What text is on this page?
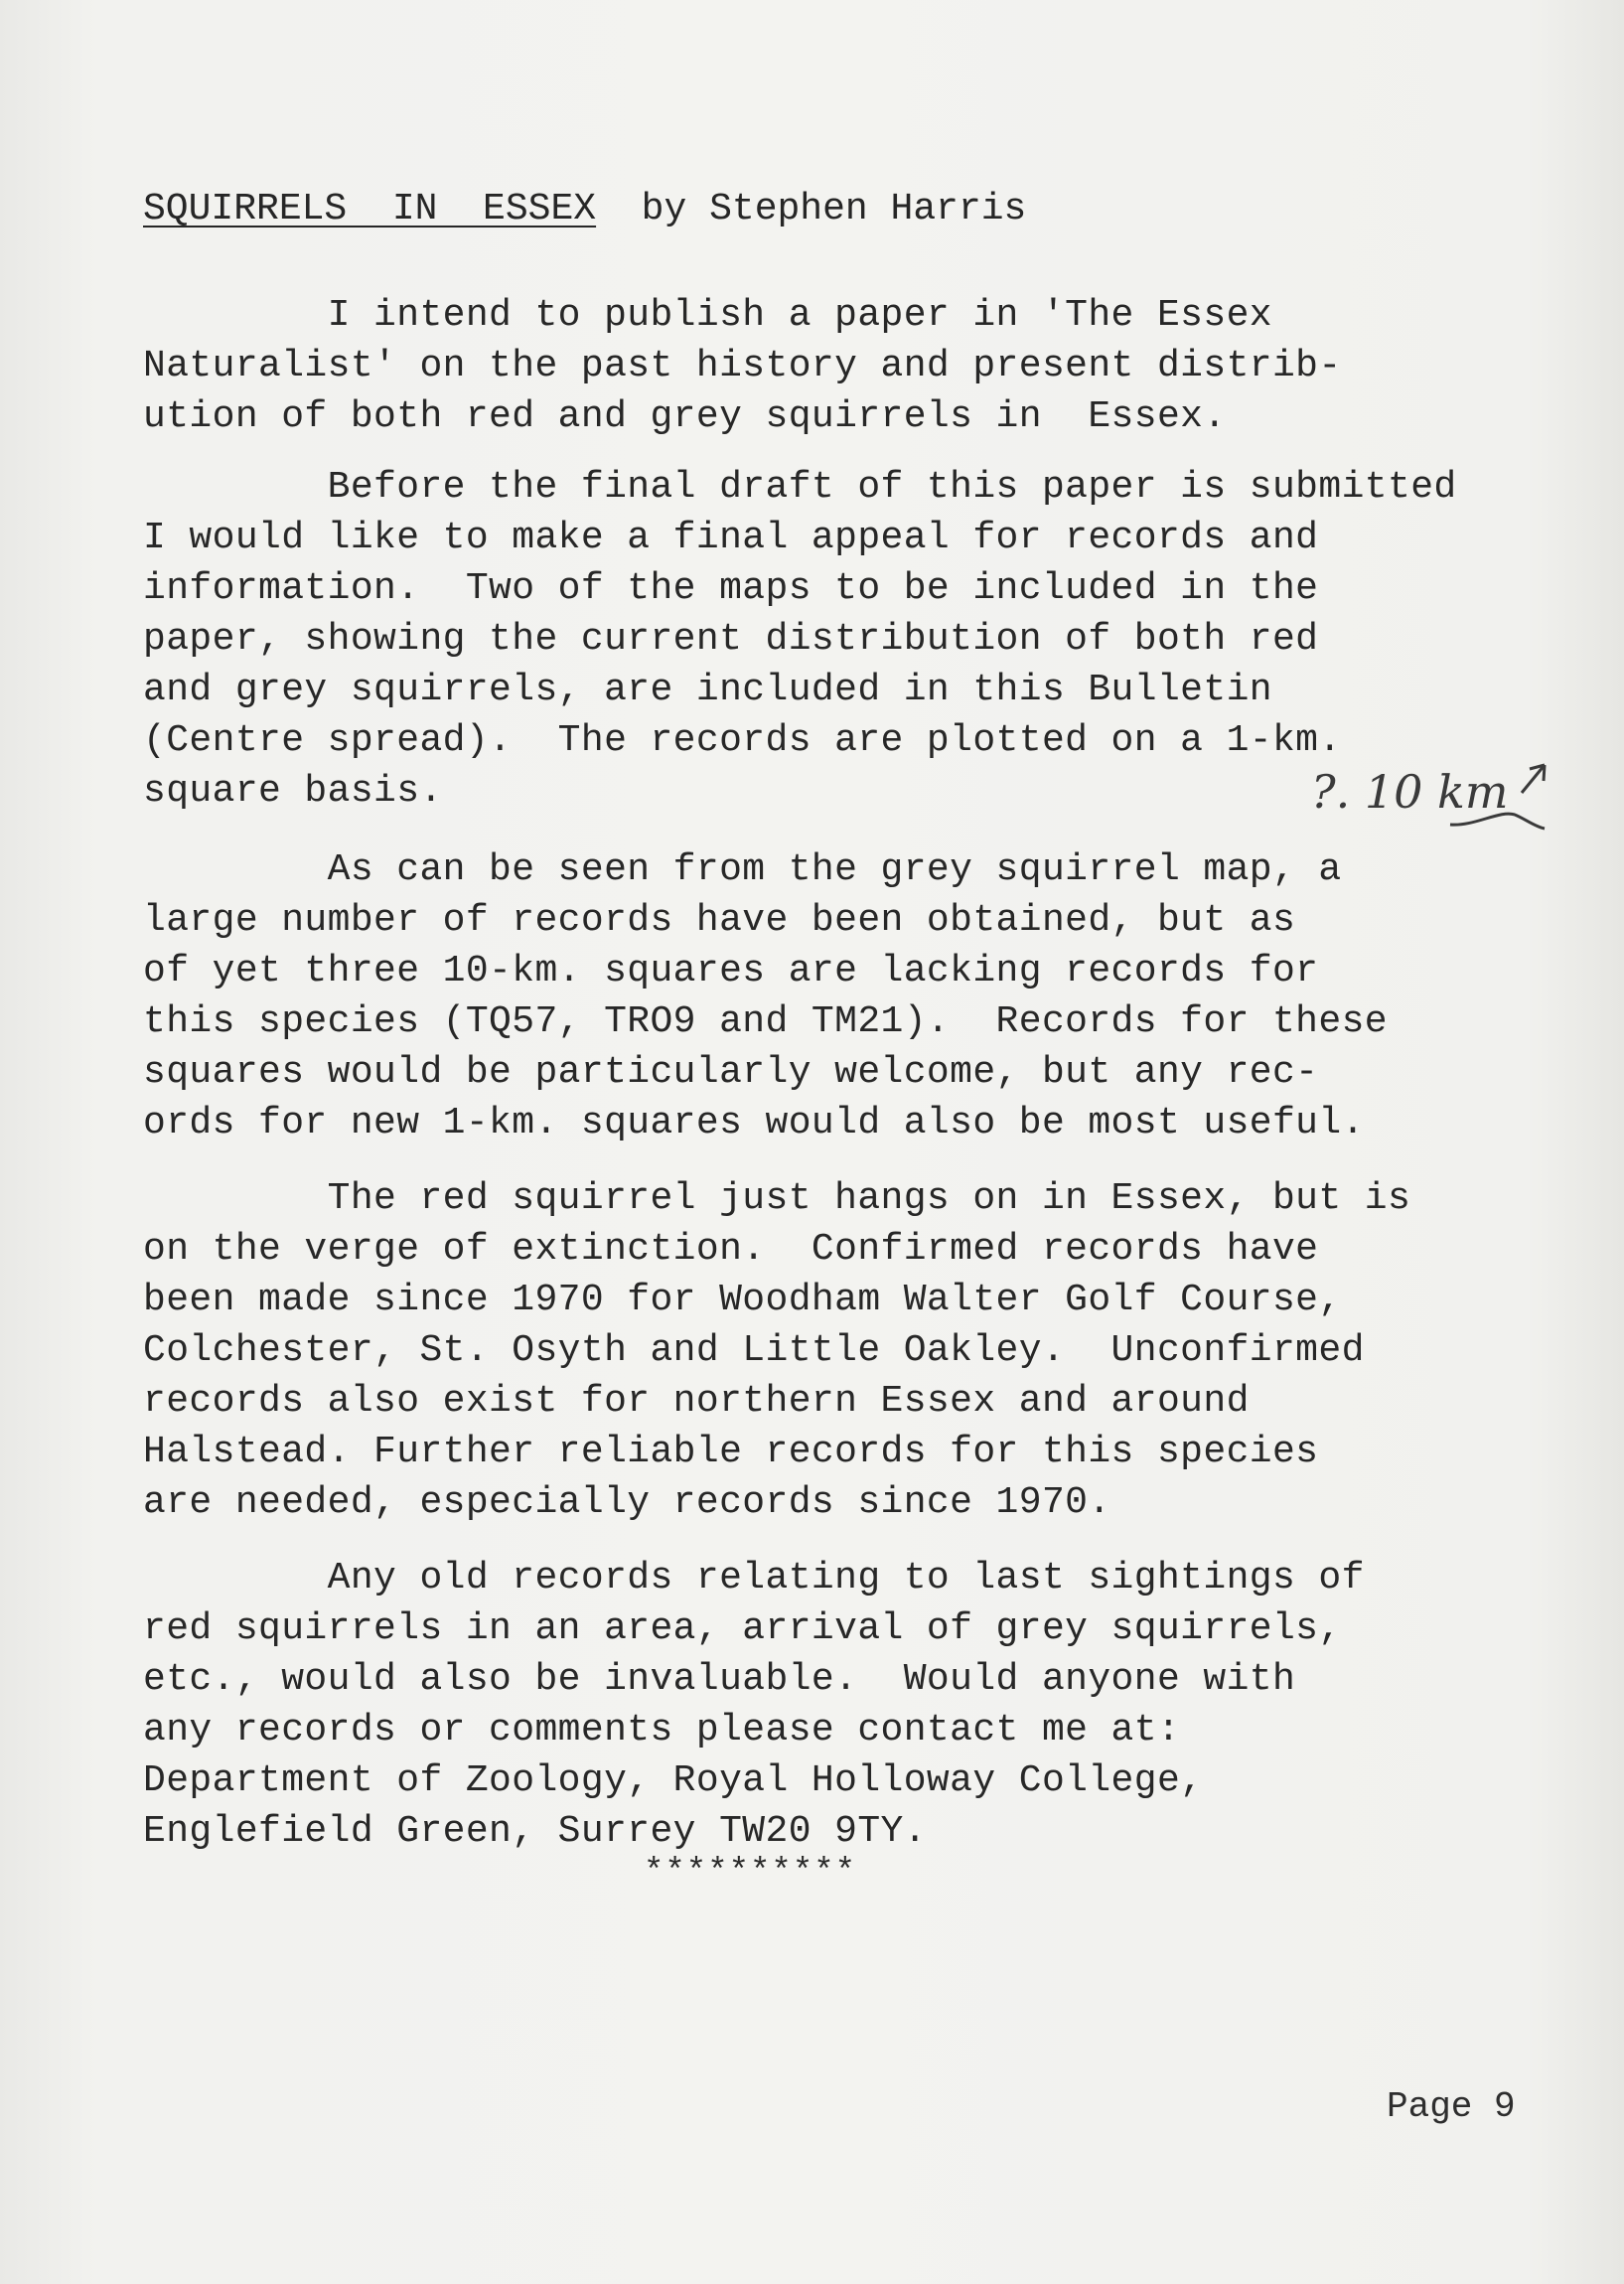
SQUIRRELS  IN  ESSEX  by Stephen Harris
I intend to publish a paper in 'The Essex
Naturalist' on the past history and present distrib-
ution of both red and grey squirrels in  Essex.
Before the final draft of this paper is submitted
I would like to make a final appeal for records and
information.  Two of the maps to be included in the
paper, showing the current distribution of both red
and grey squirrels, are included in this Bulletin
(Centre spread).  The records are plotted on a 1-km.
square basis.	?. 10 km
As can be seen from the grey squirrel map, a
large number of records have been obtained, but as
of yet three 10-km. squares are lacking records for
this species (TQ57, TRO9 and TM21).  Records for these
squares would be particularly welcome, but any rec-
ords for new 1-km. squares would also be most useful.
The red squirrel just hangs on in Essex, but is
on the verge of extinction.  Confirmed records have
been made since 1970 for Woodham Walter Golf Course,
Colchester, St. Osyth and Little Oakley.  Unconfirmed
records also exist for northern Essex and around
Halstead. Further reliable records for this species
are needed, especially records since 1970.
Any old records relating to last sightings of
red squirrels in an area, arrival of grey squirrels,
etc., would also be invaluable.  Would anyone with
any records or comments please contact me at:
Department of Zoology, Royal Holloway College,
Englefield Green, Surrey TW20 9TY.
**********
Page 9
